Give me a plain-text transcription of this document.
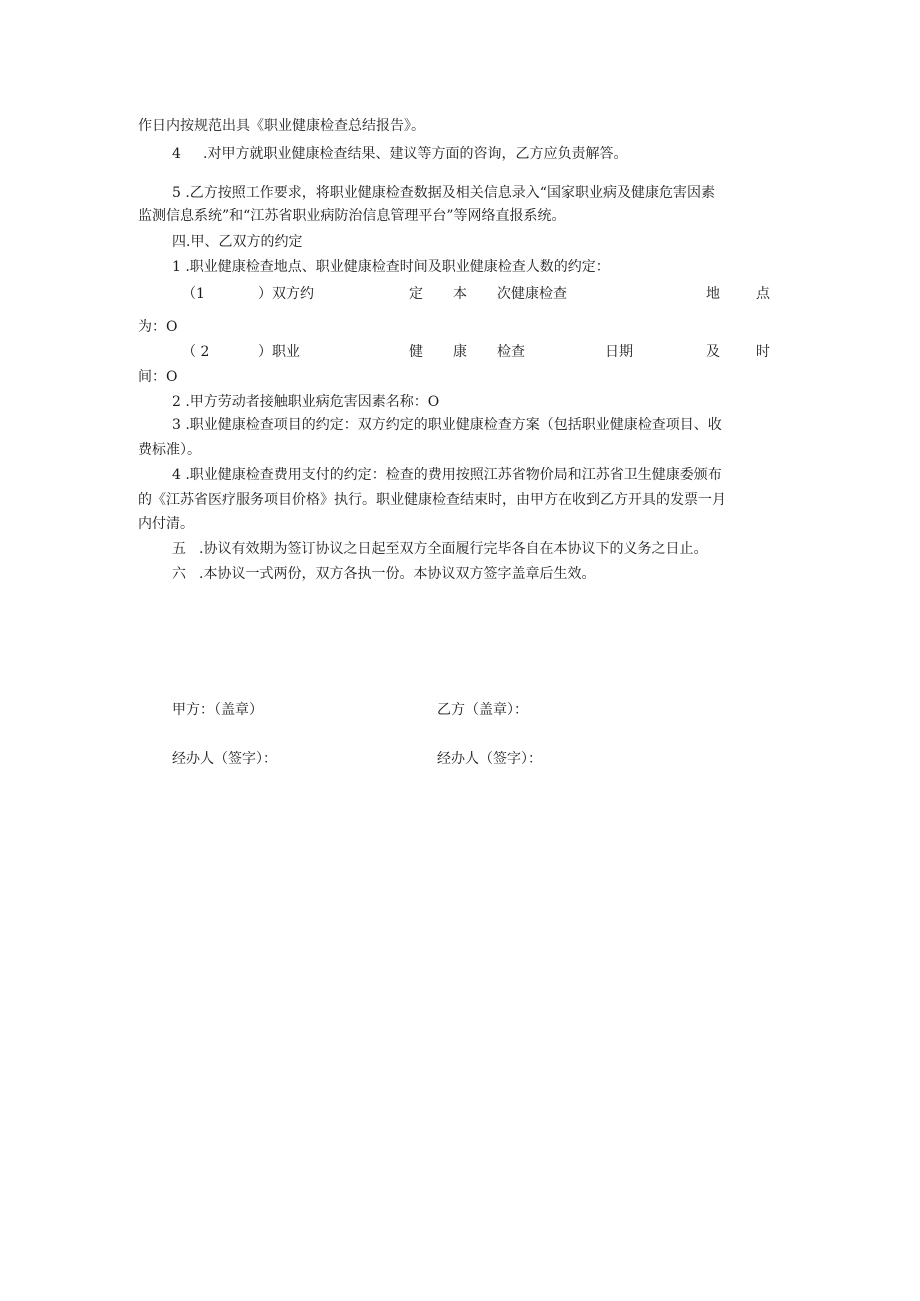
作日内按规范出具《职业健康检查总结报告》。
4 .对甲方就职业健康检查结果、建议等方面的咨询，乙方应负责解答。
5 .乙方按照工作要求，将职业健康检查数据及相关信息录入“国家职业病及健康危害因素
监测信息系统”和“江苏省职业病防治信息管理平台”等网络直报系统。
四.甲、乙双方的约定
1 .职业健康检查地点、职业健康检查时间及职业健康检查人数的约定：
（1	）双方约	定 本 次健康检查	地	点
为：O
（ 2	）职业	健 康 检查	日期	及	时
间：O
2 .甲方劳动者接触职业病危害因素名称：O
3 .职业健康检查项目的约定：双方约定的职业健康检查方案（包括职业健康检查项目、收
费标准）。
4 .职业健康检查费用支付的约定：检查的费用按照江苏省物价局和江苏省卫生健康委颁布
的《江苏省医疗服务项目价格》执行。职业健康检查结束时，由甲方在收到乙方开具的发票一月
内付清。
五 .协议有效期为签订协议之日起至双方全面履行完毕各自在本协议下的义务之日止。
六 .本协议一式两份，双方各执一份。本协议双方签字盖章后生效。
甲方：（盖章）	乙方（盖章）：
经办人（签字）：	经办人（签字）：
